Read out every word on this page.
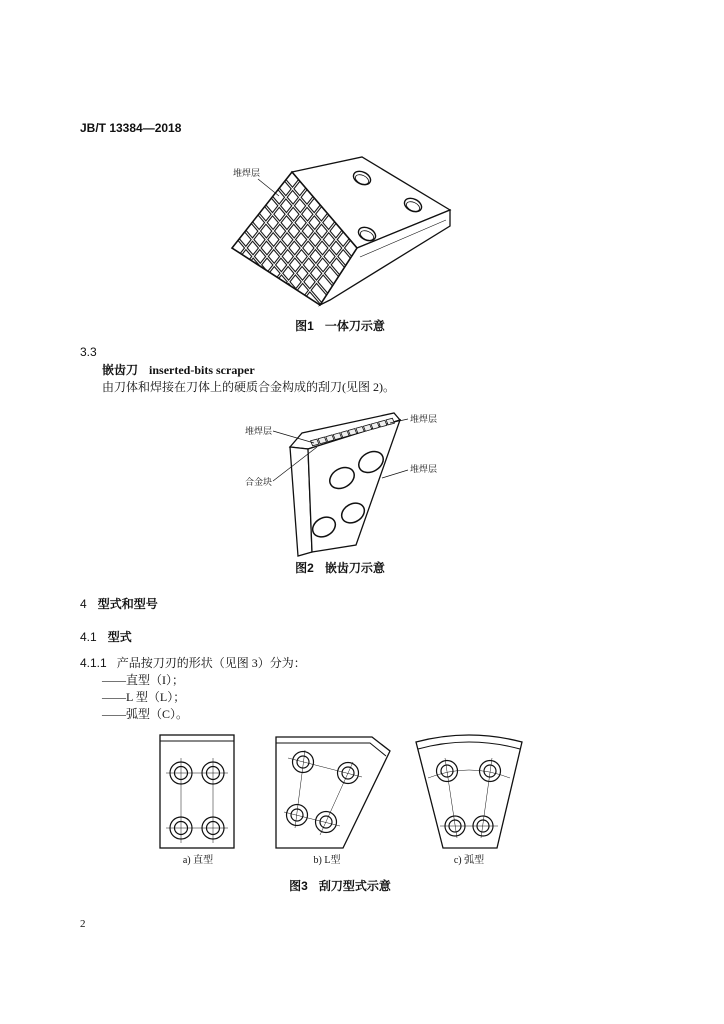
JB/T 13384—2018
堆焊层
图1 一体刀示意
3.3
嵌齿刀 inserted-bits scraper
由刀体和焊接在刀体上的硬质合金构成的刮刀(见图 2)。
堆焊层
堆焊层
堆焊层
合金块
图2 嵌齿刀示意
4 型式和型号
4.1 型式
4.1.1 产品按刀刃的形状（见图 3）分为：
——直型（I）；
——L 型（L）；
——弧型（C）。
a) 直型	b) L型	c) 弧型
图3 刮刀型式示意
2
